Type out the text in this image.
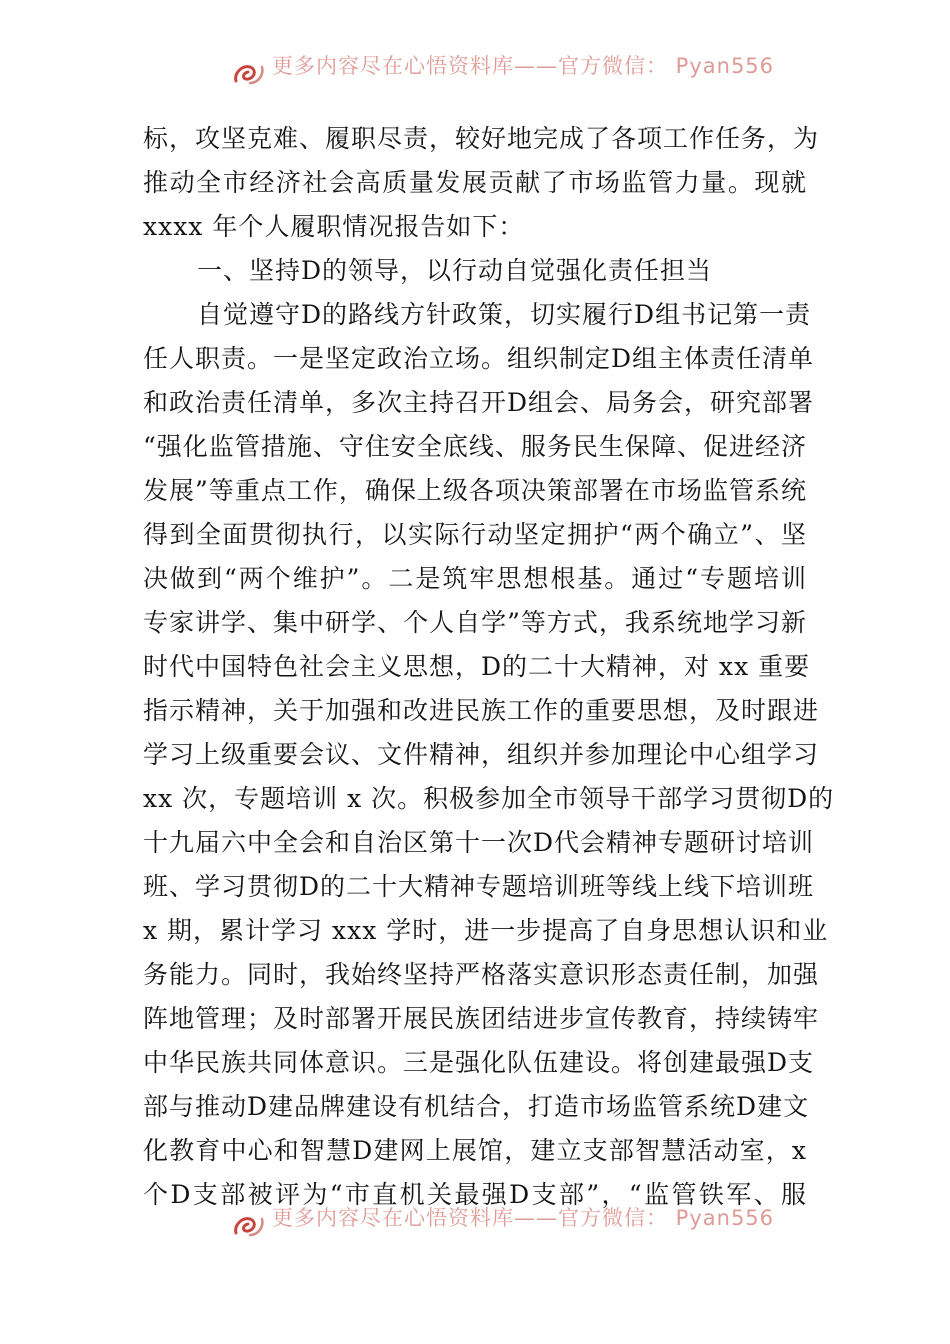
更多内容尽在心悟资料库——官方微信： Pyan556
标，攻坚克难、履职尽责，较好地完成了各项工作任务，为
推动全市经济社会高质量发展贡献了市场监管力量。现就
xxxx 年个人履职情况报告如下：
一、坚持D的领导，以行动自觉强化责任担当
自觉遵守D的路线方针政策，切实履行D组书记第一责
任人职责。一是坚定政治立场。组织制定D组主体责任清单
和政治责任清单，多次主持召开D组会、局务会，研究部署
“强化监管措施、守住安全底线、服务民生保障、促进经济
发展”等重点工作，确保上级各项决策部署在市场监管系统
得到全面贯彻执行，以实际行动坚定拥护“两个确立”、坚
决做到“两个维护”。二是筑牢思想根基。通过“专题培训
专家讲学、集中研学、个人自学”等方式，我系统地学习新
时代中国特色社会主义思想，D的二十大精神，对 xx 重要
指示精神，关于加强和改进民族工作的重要思想，及时跟进
学习上级重要会议、文件精神，组织并参加理论中心组学习
xx 次，专题培训 x 次。积极参加全市领导干部学习贯彻D的
十九届六中全会和自治区第十一次D代会精神专题研讨培训
班、学习贯彻D的二十大精神专题培训班等线上线下培训班
x 期，累计学习 xxx 学时，进一步提高了自身思想认识和业
务能力。同时，我始终坚持严格落实意识形态责任制，加强
阵地管理；及时部署开展民族团结进步宣传教育，持续铸牢
中华民族共同体意识。三是强化队伍建设。将创建最强D支
部与推动D建品牌建设有机结合，打造市场监管系统D建文
化教育中心和智慧D建网上展馆，建立支部智慧活动室，x
个D支部被评为“市直机关最强D支部”，“监管铁军、服
更多内容尽在心悟资料库——官方微信： Pyan556
